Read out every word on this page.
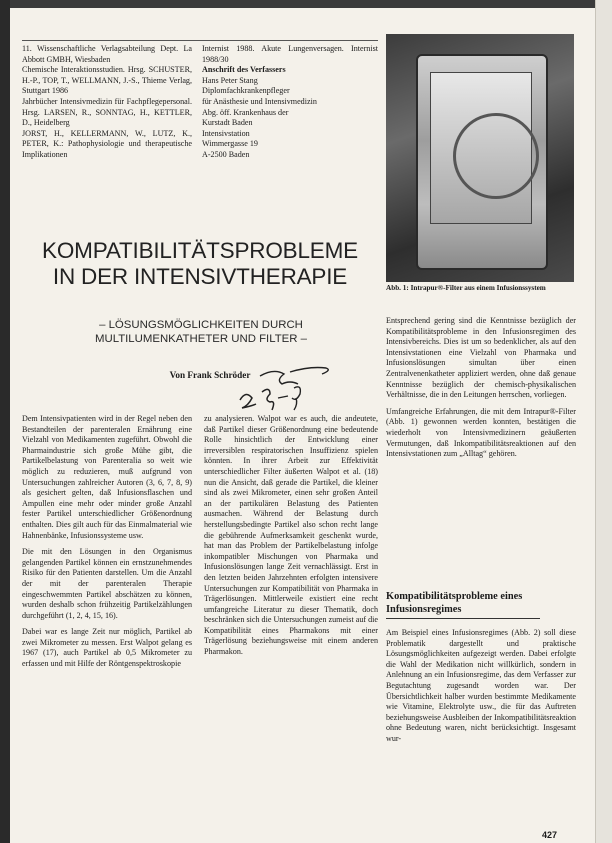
11. Wissenschaftliche Verlagsabteilung Dept. La Abbott GMBH, Wiesbaden

Chemische Interaktionsstudien. Hrsg. SCHUSTER, H.-P., TOP, T., WELLMANN, J.-S., Thieme Verlag, Stuttgart 1986

Jahrbücher Intensivmedizin für Fachpflegepersonal. Hrsg. LARSEN, R., SONNTAG, H., KETTLER, D., Heidelberg

JORST, H., KELLERMANN, W., LUTZ, K., PETER, K.: Pathophysiologie und therapeutische Implikationen

Internist 1988. Akute Lungenversagen. Internist 1988/30

Anschrift des Verfassers

Hans Peter Stang
Diplomfachkrankenpfleger
für Anästhesie und Intensivmedizin
Abg. öff. Krankenhaus der
Kurstadt Baden
Intensivstation
Wimmergasse 19
A-2500 Baden
Abb. 1: Intrapur®-Filter aus einem Infusionssystem
KOMPATIBILITÄTSPROBLEME
IN DER INTENSIVTHERAPIE
– LÖSUNGSMÖGLICHKEITEN DURCH
MULTILUMENKATHETER UND FILTER –
Von Frank Schröder

Dem Intensivpatienten wird in der Regel neben den Bestandteilen der parenteralen Ernährung eine Vielzahl von Medikamenten zugeführt. Obwohl die Pharmaindustrie sich große Mühe gibt, die Partikelbelastung von Parenteralia so weit wie möglich zu reduzieren, muß aufgrund von Untersuchungen zahlreicher Autoren (3, 6, 7, 8, 9) als gesichert gelten, daß Infusionsflaschen und Ampullen eine mehr oder minder große Anzahl fester Partikel unterschiedlicher Größenordnung enthalten. Dies gilt auch für das Einmalmaterial wie Hahnenbänke, Infusionssysteme usw.

Die mit den Lösungen in den Organismus gelangenden Partikel können ein ernstzunehmendes Risiko für den Patienten darstellen. Um die Anzahl der mit der parenteralen Therapie eingeschwemmten Partikel abschätzen zu können, wurden deshalb schon frühzeitig Partikelzählungen durchgeführt (1, 2, 4, 15, 16).

Dabei war es lange Zeit nur möglich, Partikel ab zwei Mikrometer zu messen. Erst Walpot gelang es 1967 (17), auch Partikel ab 0,5 Mikrometer zu erfassen und mit Hilfe der Röntgenspektroskopie

zu analysieren. Walpot war es auch, die andeutete, daß Partikel dieser Größenordnung eine bedeutende Rolle hinsichtlich der Entwicklung einer irreversiblen respiratorischen Insuffizienz spielen könnten. In ihrer Arbeit zur Effektivität unterschiedlicher Filter äußerten Walpot et al. (18) nun die Ansicht, daß gerade die Partikel, die kleiner sind als zwei Mikrometer, einen sehr großen Anteil an der partikulären Belastung des Patienten ausmachen. Während der Belastung durch herstellungsbedingte Partikel also schon recht lange die gebührende Aufmerksamkeit geschenkt wurde, hat man das Problem der Partikelbelastung infolge inkompatibler Mischungen von Pharmaka und Infusionslösungen lange Zeit vernachlässigt. Erst in den letzten beiden Jahrzehnten erfolgten intensivere Untersuchungen zur Kompatibilität von Pharmaka in Trägerlösungen. Mittlerweile existiert eine recht umfangreiche Literatur zu dieser Thematik, doch beschränken sich die Untersuchungen zumeist auf die Kompatibilität eines Pharmakons mit einer Trägerlösung beziehungsweise mit einem anderen Pharmakon.

Entsprechend gering sind die Kenntnisse bezüglich der Kompatibilitätsprobleme in den Infusionsregimen des Intensivbereichs. Dies ist um so bedenklicher, als auf den Intensivstationen eine Vielzahl von Pharmaka und Infusionslösungen simultan über einen Zentralvenenkatheter appliziert werden, ohne daß genaue Kenntnisse bezüglich der chemisch-physikalischen Verhältnisse, die in den Leitungen herrschen, vorliegen.

Umfangreiche Erfahrungen, die mit dem Intrapur®-Filter (Abb. 1) gewonnen werden konnten, bestätigen die wiederholt von Intensivmedizinern geäußerten Vermutungen, daß Inkompatibilitätsreaktionen auf den Intensivstationen zum „Alltag“ gehören.

Kompatibilitätsprobleme eines Infusionsregimes

Am Beispiel eines Infusionsregimes (Abb. 2) soll diese Problematik dargestellt und praktische Lösungsmöglichkeiten aufgezeigt werden. Dabei erfolgte die Wahl der Medikation nicht willkürlich, sondern in Anlehnung an ein Infusionsregime, das dem Verfasser zur Begutachtung zugesandt worden war. Der Übersichtlichkeit halber wurden bestimmte Medikamente wie Vitamine, Elektrolyte usw., die für das Auftreten beziehungsweise Ausbleiben der Inkompatibilitätsreaktion ohne Bedeutung waren, nicht berücksichtigt. Insgesamt wur-

427
